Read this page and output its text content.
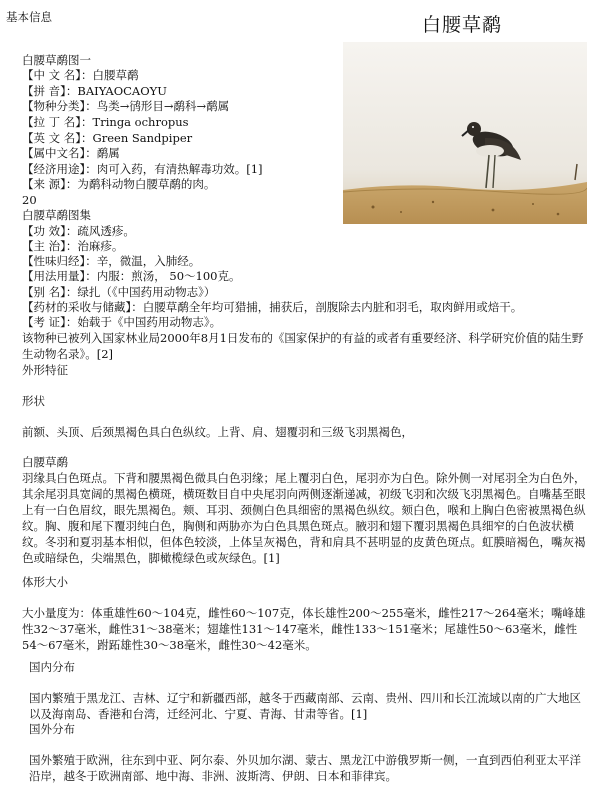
基本信息	白腰草鹬
白腰草鹬图一
【中 文 名】：白腰草鹬
【拼 音】：BAIYAOCAOYU
【物种分类】：鸟类→鸻形目→鹬科→鹬属
【拉 丁 名】：Tringa ochropus
【英 文 名】：Green Sandpiper
【属中文名】：鹬属
【经济用途】：肉可入药，有清热解毒功效。[1]
【来 源】：为鹬科动物白腰草鹬的肉。
20
白腰草鹬图集
【功 效】：疏风透疹。
【主 治】：治麻疹。
【性味归经】：辛，微温，入肺经。
【用法用量】：内服：煎汤， 50～100克。
【别 名】：绿扎（《中国药用动物志》）
【药材的采收与储藏】：白腰草鹬全年均可猎捕，捕获后，剖腹除去内脏和羽毛，取肉鲜用或焙干。
【考 证】：始载于《中国药用动物志》。
该物种已被列入国家林业局2000年8月1日发布的《国家保护的有益的或者有重要经济、科学研究价值的陆生野生动物名录》。[2]
外形特征
形状
前额、头顶、后颈黑褐色具白色纵纹。上背、肩、翅覆羽和三级飞羽黑褐色，
白腰草鹬
羽缘具白色斑点。下背和腰黑褐色微具白色羽缘；尾上覆羽白色，尾羽亦为白色。除外侧一对尾羽全为白色外，其余尾羽具宽阔的黑褐色横斑，横斑数目自中央尾羽向两侧逐渐递减，初级飞羽和次级飞羽黑褐色。自嘴基至眼上有一白色眉纹，眼先黑褐色。颊、耳羽、颈侧白色具细密的黑褐色纵纹。颏白色，喉和上胸白色密被黑褐色纵纹。胸、腹和尾下覆羽纯白色，胸侧和两胁亦为白色具黑色斑点。腋羽和翅下覆羽黑褐色具细窄的白色波状横纹。冬羽和夏羽基本相似，但体色较淡，上体呈灰褐色，背和肩具不甚明显的皮黄色斑点。虹膜暗褐色，嘴灰褐色或暗绿色，尖端黑色，脚橄榄绿色或灰绿色。[1]
体形大小
大小量度为：体重雄性60～104克，雌性60～107克，体长雄性200～255毫米，雌性217～264毫米；嘴峰雄性32～37毫米，雌性31～38毫米；翅雄性131～147毫米，雌性133～151毫米；尾雄性50～63毫米，雌性54～67毫米，跗跖雄性30～38毫米，雌性30～42毫米。
国内分布
国内繁殖于黑龙江、吉林、辽宁和新疆西部，越冬于西藏南部、云南、贵州、四川和长江流域以南的广大地区以及海南岛、香港和台湾，迁经河北、宁夏、青海、甘肃等省。[1]
国外分布
国外繁殖于欧洲，往东到中亚、阿尔泰、外贝加尔湖、蒙古、黑龙江中游俄罗斯一侧，一直到西伯利亚太平洋沿岸，越冬于欧洲南部、地中海、非洲、波斯湾、伊朗、日本和菲律宾。
